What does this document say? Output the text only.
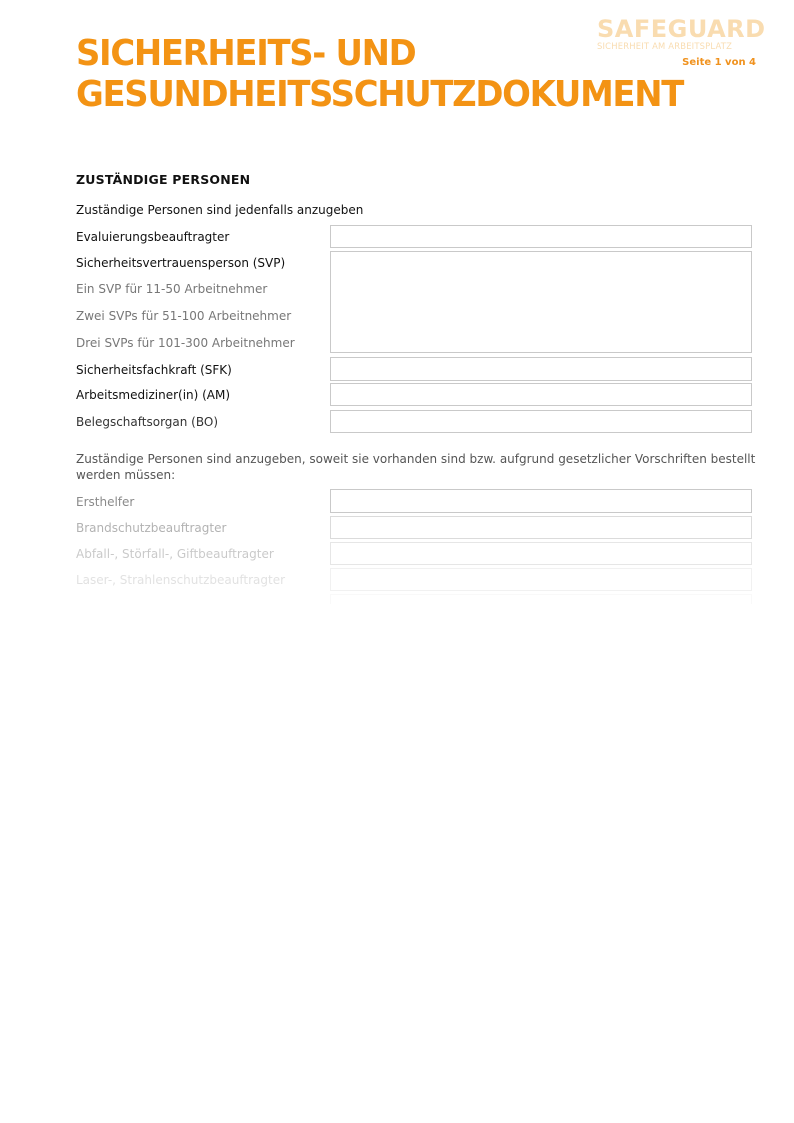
SAFEGUARD
SICHERHEIT AM ARBEITSPLATZ
Seite 1 von 4
SICHERHEITS- UND
GESUNDHEITSSCHUTZDOKUMENT
ZUSTÄNDIGE PERSONEN
Zuständige Personen sind jedenfalls anzugeben
Evaluierungsbeauftragter
Sicherheitsvertrauensperson (SVP)
Ein SVP für 11-50 Arbeitnehmer
Zwei SVPs für 51-100 Arbeitnehmer
Drei SVPs für 101-300 Arbeitnehmer
Sicherheitsfachkraft (SFK)
Arbeitsmediziner(in) (AM)
Belegschaftsorgan (BO)
Zuständige Personen sind anzugeben, soweit sie vorhanden sind bzw. aufgrund gesetzlicher Vorschriften bestellt werden müssen:
Ersthelfer
Brandschutzbeauftragter
Abfall-, Störfall-, Giftbeauftragter
Laser-, Strahlenschutzbeauftragter
